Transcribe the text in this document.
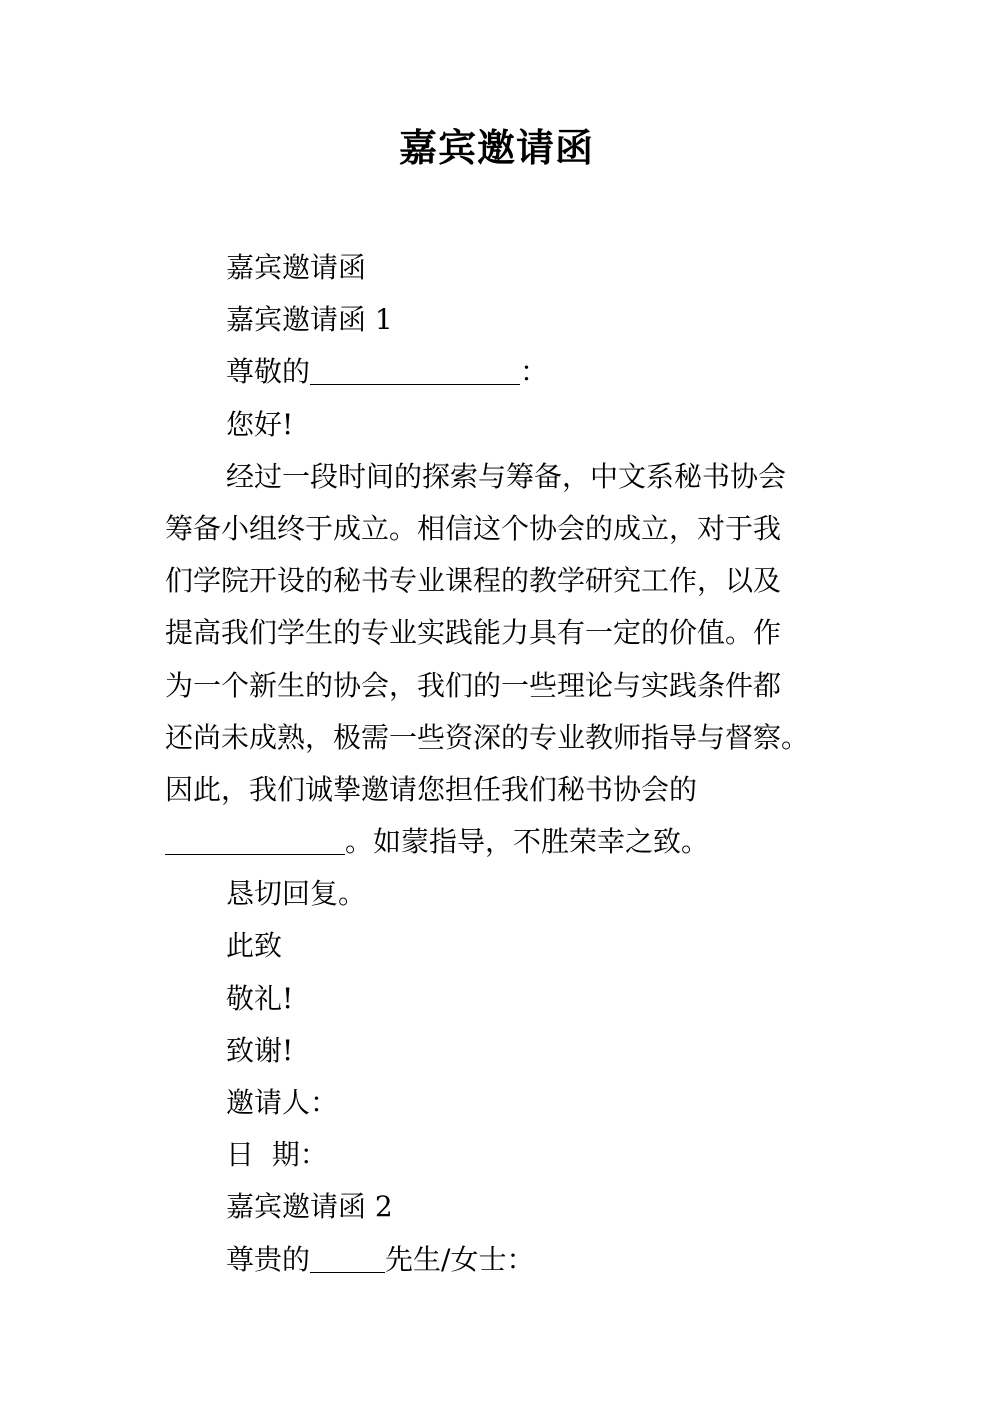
嘉宾邀请函
嘉宾邀请函
嘉宾邀请函 1
尊敬的	：
您好!
经过一段时间的探索与筹备，中文系秘书协会
筹备小组终于成立。相信这个协会的成立，对于我
们学院开设的秘书专业课程的教学研究工作，以及
提高我们学生的专业实践能力具有一定的价值。作
为一个新生的协会，我们的一些理论与实践条件都
还尚未成熟，极需一些资深的专业教师指导与督察。
因此，我们诚挚邀请您担任我们秘书协会的
。如蒙指导，不胜荣幸之致。
恳切回复。
此致
敬礼!
致谢!
邀请人：
日  期：
嘉宾邀请函 2
尊贵的	先生/女士：
